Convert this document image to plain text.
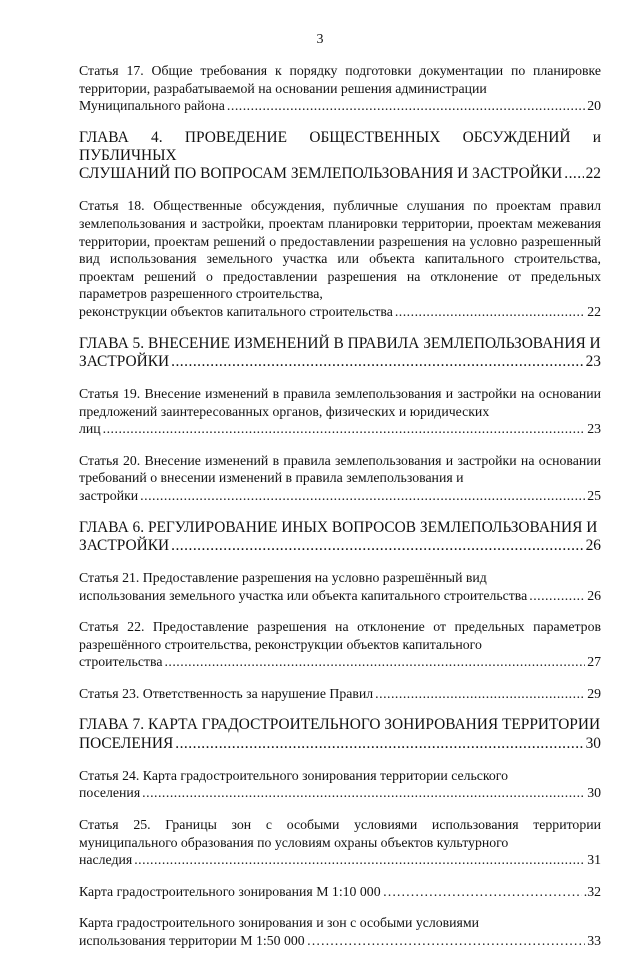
3
Статья 17. Общие требования к порядку подготовки документации по планировке территории, разрабатываемой на основании решения администрации
Муниципального района .....	20
ГЛАВА 4. ПРОВЕДЕНИЕ ОБЩЕСТВЕННЫХ ОБСУЖДЕНИЙ и ПУБЛИЧНЫХ
СЛУШАНИЙ ПО ВОПРОСАМ ЗЕМЛЕПОЛЬЗОВАНИЯ И ЗАСТРОЙКИ ..... 22
Статья 18. Общественные обсуждения, публичные слушания по проектам правил землепользования и застройки, проектам планировки территории, проектам межевания территории, проектам решений о предоставлении разрешения на условно разрешенный вид использования земельного участка или объекта капитального строительства, проектам решений о предоставлении разрешения на отклонение от предельных параметров разрешенного строительства,
реконструкции объектов капитального строительства .....	22
ГЛАВА 5. ВНЕСЕНИЕ ИЗМЕНЕНИЙ В ПРАВИЛА ЗЕМЛЕПОЛЬЗОВАНИЯ И
ЗАСТРОЙКИ .....	23
Статья 19. Внесение изменений в правила землепользования и застройки на основании предложений заинтересованных органов, физических и юридических
лиц .....	23
Статья 20. Внесение изменений в правила землепользования и застройки на основании требований о внесении изменений в правила землепользования и
застройки .....	25
ГЛАВА 6. РЕГУЛИРОВАНИЕ ИНЫХ ВОПРОСОВ ЗЕМЛЕПОЛЬЗОВАНИЯ И
ЗАСТРОЙКИ .....	26
Статья 21. Предоставление разрешения на условно разрешённый вид
использования земельного участка или объекта капитального строительства .....	26
Статья 22. Предоставление разрешения на отклонение от предельных параметров разрешённого строительства, реконструкции объектов капитального
строительства .....	27
Статья 23. Ответственность за нарушение Правил .....	29
ГЛАВА 7. КАРТА ГРАДОСТРОИТЕЛЬНОГО ЗОНИРОВАНИЯ ТЕРРИТОРИИ
ПОСЕЛЕНИЯ .....	30
Статья 24. Карта градостроительного зонирования территории сельского
поселения .....	30
Статья 25. Границы зон с особыми условиями использования территории муниципального образования по условиям охраны объектов культурного
наследия .....	31
Карта градостроительного зонирования М 1:10 000 ……………………………………………………………………………………………………………………………………………………	.32
Карта градостроительного зонирования и зон с особыми условиями
использования территории М 1:50 000 ……………………………………………………………………………………………………………………………………………………	33
